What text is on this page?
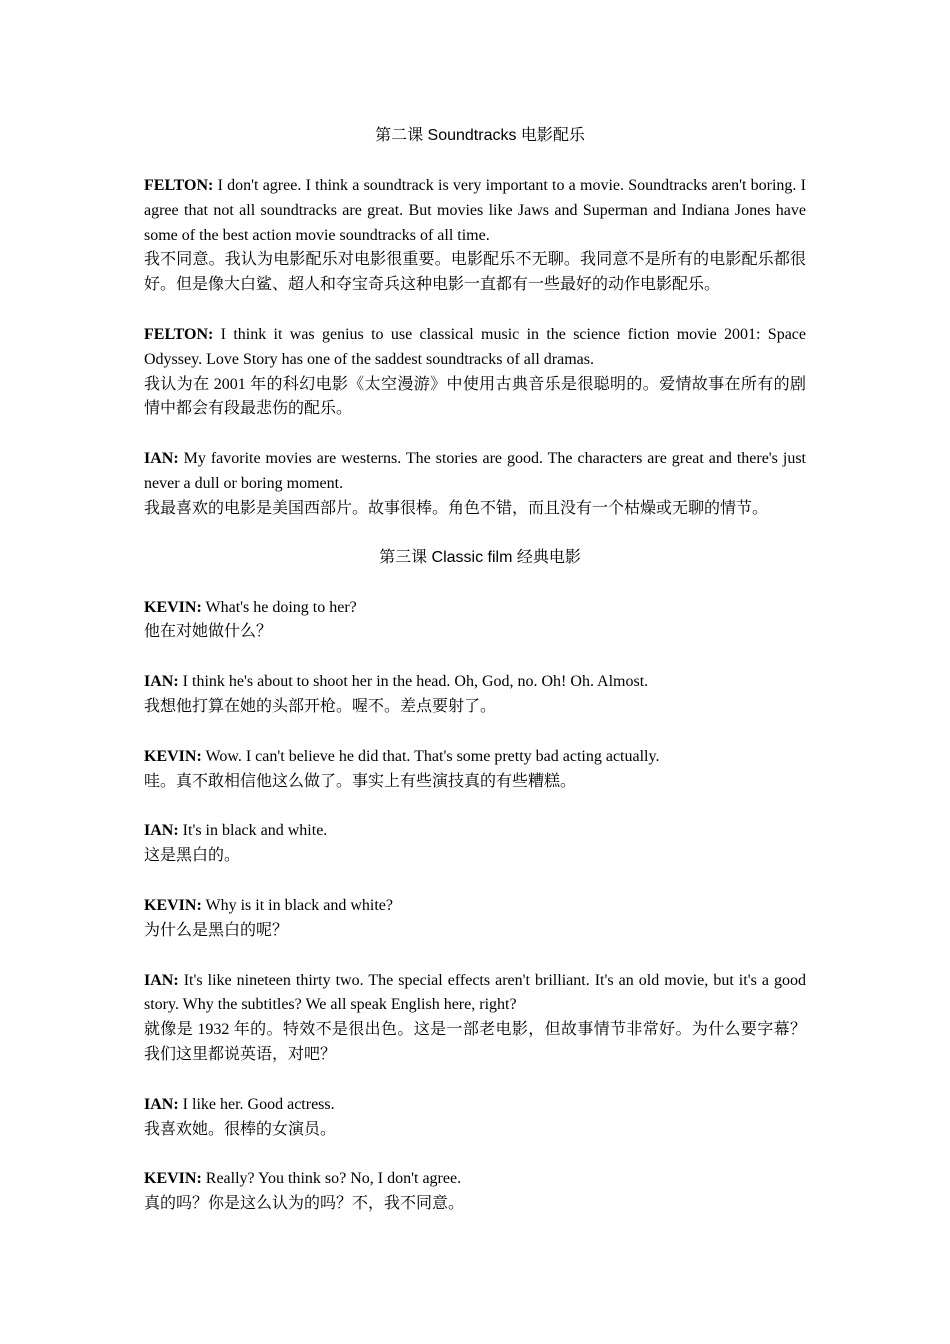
第二课 Soundtracks 电影配乐

FELTON: I don't agree. I think a soundtrack is very important to a movie. Soundtracks aren't boring. I agree that not all soundtracks are great. But movies like Jaws and Superman and Indiana Jones have some of the best action movie soundtracks of all time.

我不同意。我认为电影配乐对电影很重要。电影配乐不无聊。我同意不是所有的电影配乐都很好。但是像大白鲨、超人和夺宝奇兵这种电影一直都有一些最好的动作电影配乐。

FELTON: I think it was genius to use classical music in the science fiction movie 2001: Space Odyssey. Love Story has one of the saddest soundtracks of all dramas.

我认为在 2001 年的科幻电影《太空漫游》中使用古典音乐是很聪明的。爱情故事在所有的剧情中都会有段最悲伤的配乐。

IAN: My favorite movies are westerns. The stories are good. The characters are great and there's just never a dull or boring moment.

我最喜欢的电影是美国西部片。故事很棒。角色不错，而且没有一个枯燥或无聊的情节。

第三课 Classic film 经典电影

KEVIN: What's he doing to her?

他在对她做什么？

IAN: I think he's about to shoot her in the head. Oh, God, no. Oh! Oh. Almost.

我想他打算在她的头部开枪。喔不。差点要射了。

KEVIN: Wow. I can't believe he did that. That's some pretty bad acting actually.

哇。真不敢相信他这么做了。事实上有些演技真的有些糟糕。

IAN: It's in black and white.

这是黑白的。

KEVIN: Why is it in black and white?

为什么是黑白的呢？

IAN: It's like nineteen thirty two. The special effects aren't brilliant. It's an old movie, but it's a good story. Why the subtitles? We all speak English here, right?

就像是 1932 年的。特效不是很出色。这是一部老电影，但故事情节非常好。为什么要字幕？我们这里都说英语，对吧？

IAN: I like her. Good actress.

我喜欢她。很棒的女演员。

KEVIN: Really? You think so? No, I don't agree.

真的吗？你是这么认为的吗？不，我不同意。
